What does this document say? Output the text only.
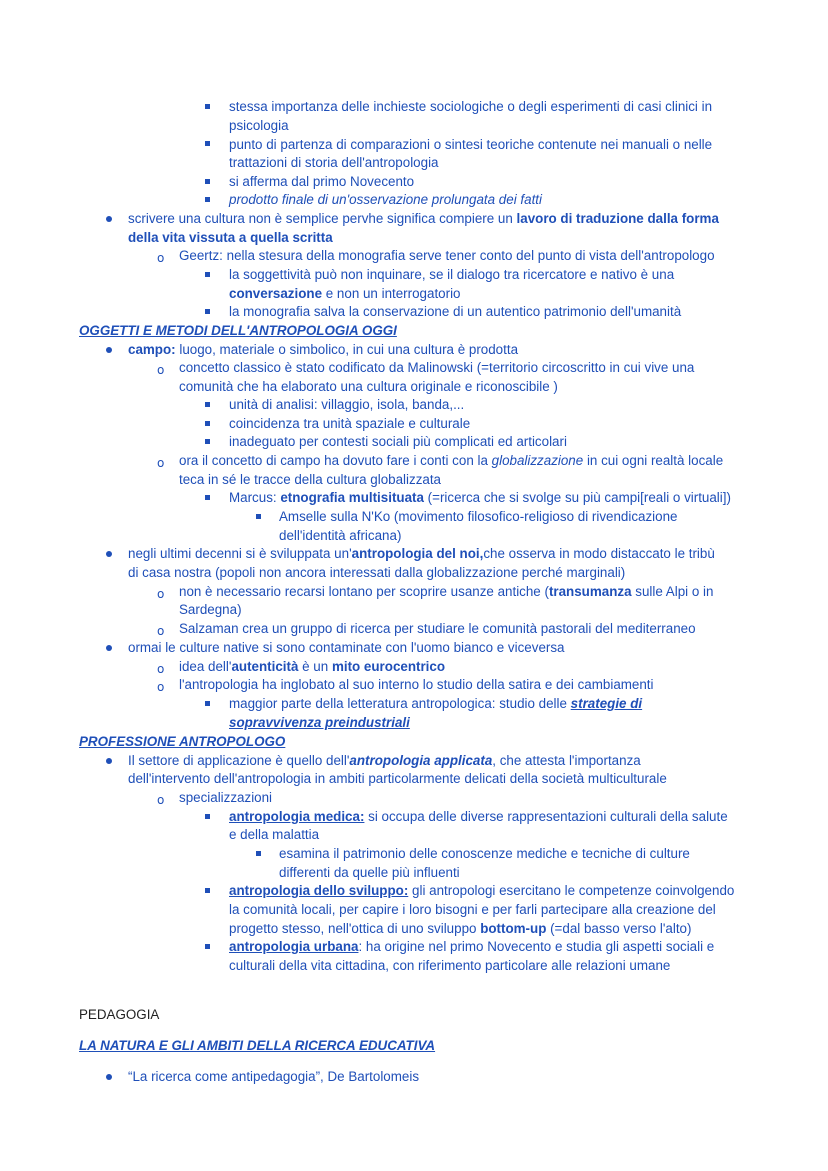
stessa importanza delle inchieste sociologiche o degli esperimenti di casi clinici in
psicologia
punto di partenza di comparazioni o sintesi teoriche contenute nei manuali o nelle
trattazioni di storia dell'antropologia
si afferma dal primo Novecento
prodotto finale di un'osservazione prolungata dei fatti
scrivere una cultura non è semplice pervhe significa compiere un lavoro di traduzione dalla forma
della vita vissuta a quella scritta
o Geertz: nella stesura della monografia serve tener conto del punto di vista dell'antropologo
la soggettività può non inquinare, se il dialogo tra ricercatore e nativo è una
conversazione e non un interrogatorio
la monografia salva la conservazione di un autentico patrimonio dell'umanità
OGGETTI E METODI DELL'ANTROPOLOGIA OGGI
campo: luogo, materiale o simbolico, in cui una cultura è prodotta
o concetto classico è stato codificato da Malinowski (=territorio circoscritto in cui vive una
comunità che ha elaborato una cultura originale e riconoscibile )
unità di analisi: villaggio, isola, banda,...
coincidenza tra unità spaziale e culturale
inadeguato per contesti sociali più complicati ed articolari
o ora il concetto di campo ha dovuto fare i conti con la globalizzazione in cui ogni realtà locale
teca in sé le tracce della cultura globalizzata
Marcus: etnografia multisituata (=ricerca che si svolge su più campi[reali o virtuali])
Amselle sulla N'Ko (movimento filosofico-religioso di rivendicazione
dell'identità africana)
negli ultimi decenni si è sviluppata un'antropologia del noi,che osserva in modo distaccato le tribù
di casa nostra (popoli non ancora interessati dalla globalizzazione perché marginali)
o non è necessario recarsi lontano per scoprire usanze antiche (transumanza sulle Alpi o in
Sardegna)
o Salzaman crea un gruppo di ricerca per studiare le comunità pastorali del mediterraneo
ormai le culture native si sono contaminate con l'uomo bianco e viceversa
o idea dell'autenticità è un mito eurocentrico
o l'antropologia ha inglobato al suo interno lo studio della satira e dei cambiamenti
maggior parte della letteratura antropologica: studio delle strategie di
sopravvivenza preindustriali
PROFESSIONE ANTROPOLOGO
Il settore di applicazione è quello dell'antropologia applicata, che attesta l'importanza
dell'intervento dell'antropologia in ambiti particolarmente delicati della società multiculturale
o specializzazioni
antropologia medica: si occupa delle diverse rappresentazioni culturali della salute
e della malattia
esamina il patrimonio delle conoscenze mediche e tecniche di culture
differenti da quelle più influenti
antropologia dello sviluppo: gli antropologi esercitano le competenze coinvolgendo
la comunità locali, per capire i loro bisogni e per farli partecipare alla creazione del
progetto stesso, nell'ottica di uno sviluppo bottom-up (=dal basso verso l'alto)
antropologia urbana: ha origine nel primo Novecento e studia gli aspetti sociali e
culturali della vita cittadina, con riferimento particolare alle relazioni umane
PEDAGOGIA
LA NATURA E GLI AMBITI DELLA RICERCA EDUCATIVA
“La ricerca come antipedagogia”, De Bartolomeis
